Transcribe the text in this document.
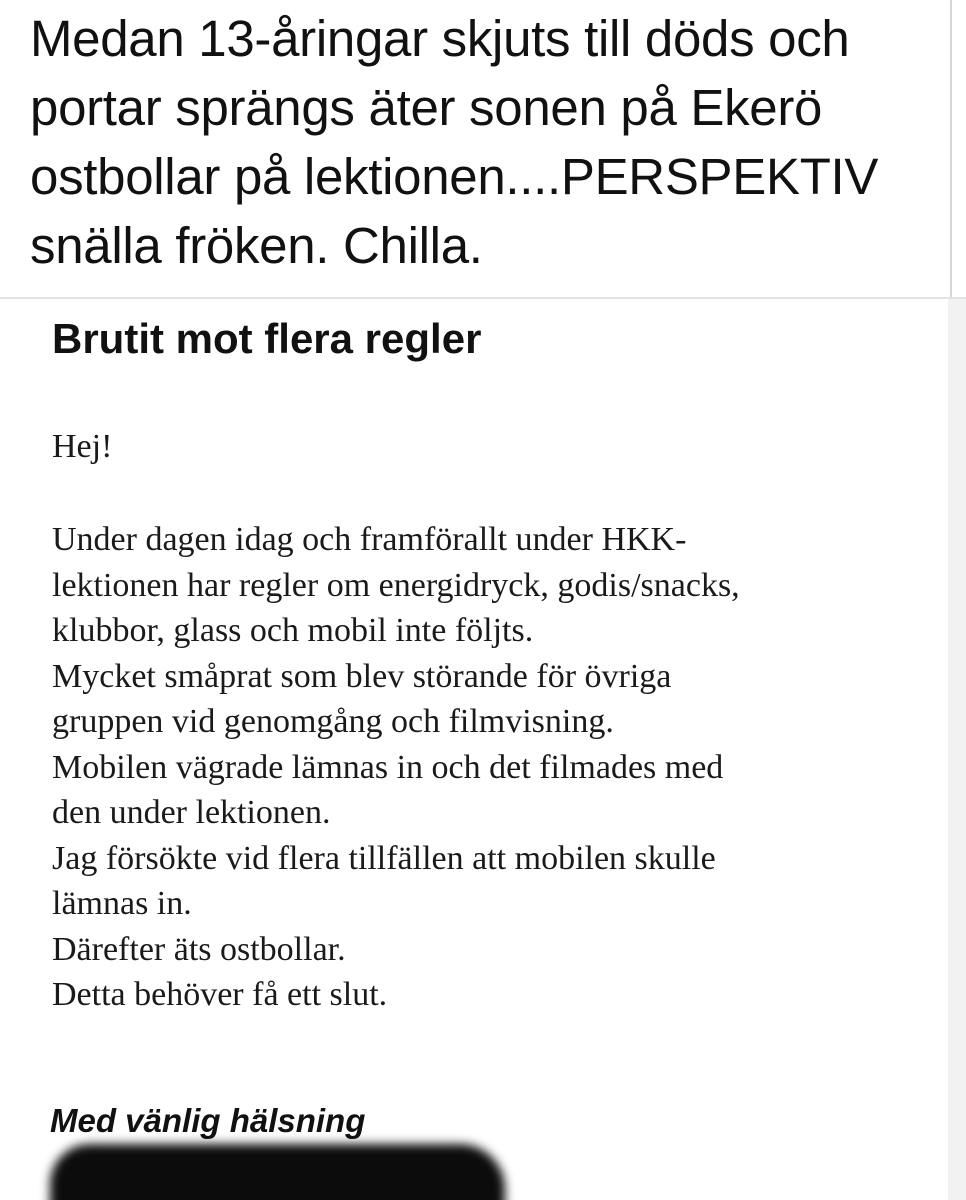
Medan 13-åringar skjuts till döds och
portar sprängs äter sonen på Ekerö
ostbollar på lektionen....PERSPEKTIV
snälla fröken. Chilla.

Brutit mot flera regler

Hej!

Under dagen idag och framförallt under HKK-
lektionen har regler om energidryck, godis/snacks,
klubbor, glass och mobil inte följts.
Mycket småprat som blev störande för övriga
gruppen vid genomgång och filmvisning.
Mobilen vägrade lämnas in och det filmades med
den under lektionen.
Jag försökte vid flera tillfällen att mobilen skulle
lämnas in.
Därefter äts ostbollar.
Detta behöver få ett slut.

Med vänlig hälsning
